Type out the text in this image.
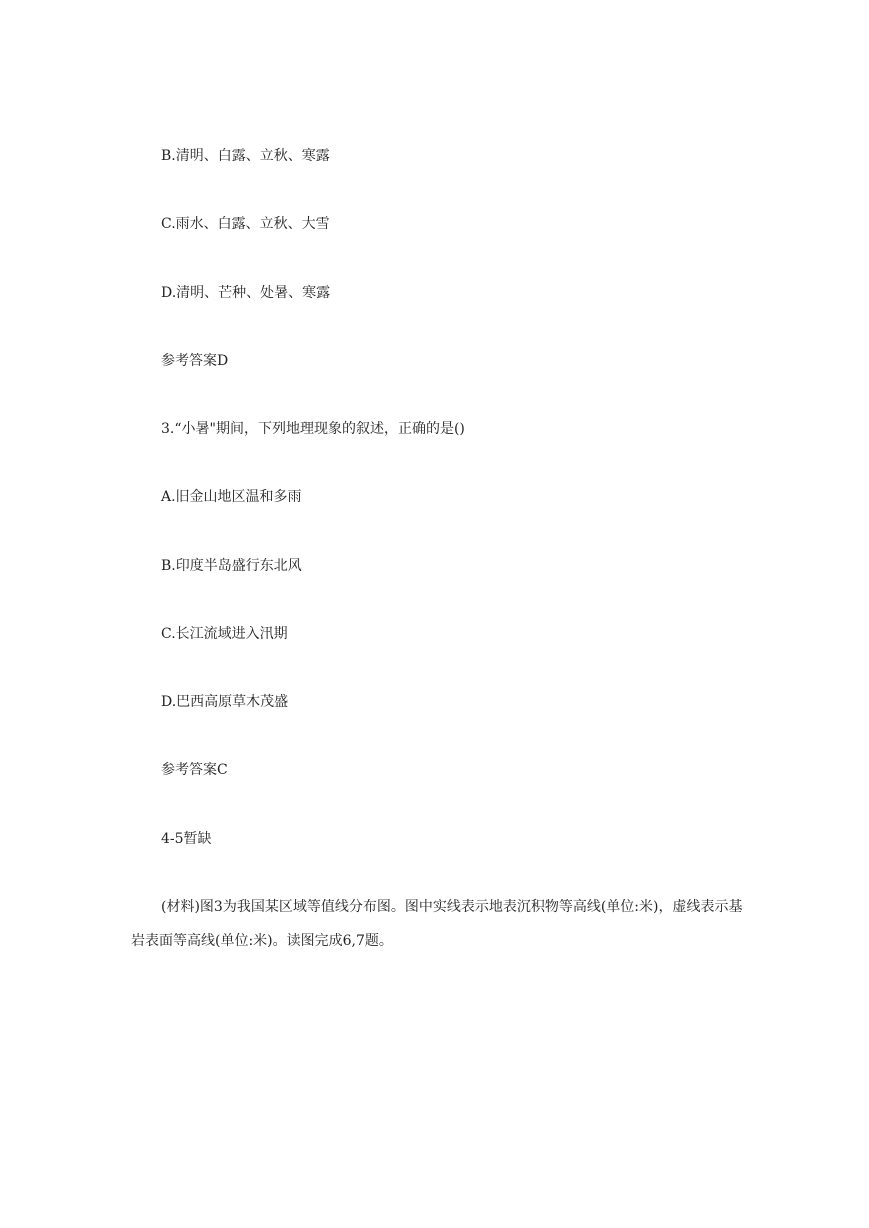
B.清明、白露、立秋、寒露
C.雨水、白露、立秋、大雪
D.清明、芒种、处暑、寒露
参考答案D
3.“小暑"期间，下列地理现象的叙述，正确的是()
A.旧金山地区温和多雨
B.印度半岛盛行东北风
C.长江流域进入汛期
D.巴西高原草木茂盛
参考答案C
4-5暂缺
(材料)图3为我国某区域等值线分布图。图中实线表示地表沉积物等高线(单位:米)，虚线表示基岩表面等高线(单位:米)。读图完成6,7题。
